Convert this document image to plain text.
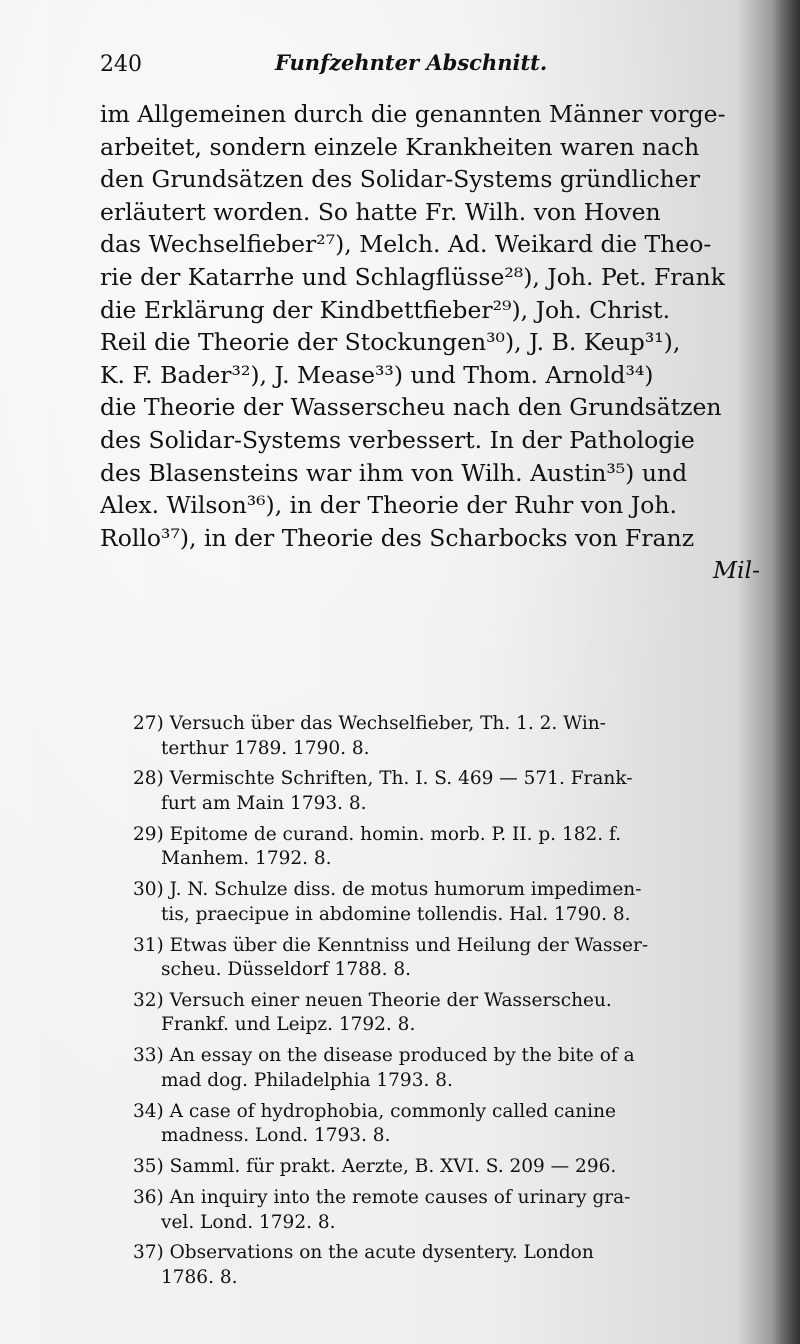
240	Funfzehnter Abschnitt.
im Allgemeinen durch die genannten Männer vorge-
arbeitet, sondern einzele Krankheiten waren nach
den Grundsätzen des Solidar-Systems gründlicher
erläutert worden. So hatte Fr. Wilh. von Hoven
das Wechselfieber²⁷), Melch. Ad. Weikard die Theo-
rie der Katarrhe und Schlagflüsse²⁸), Joh. Pet. Frank
die Erklärung der Kindbettfieber²⁹), Joh. Christ.
Reil die Theorie der Stockungen³⁰), J. B. Keup³¹),
K. F. Bader³²), J. Mease³³) und Thom. Arnold³⁴)
die Theorie der Wasserscheu nach den Grundsätzen
des Solidar-Systems verbessert. In der Pathologie
des Blasensteins war ihm von Wilh. Austin³⁵) und
Alex. Wilson³⁶), in der Theorie der Ruhr von Joh.
Rollo³⁷), in der Theorie des Scharbocks von Franz
Mil-
27) Versuch über das Wechselfieber, Th. 1. 2. Win-
terthur 1789. 1790. 8.
28) Vermischte Schriften, Th. I. S. 469 — 571. Frank-
furt am Main 1793. 8.
29) Epitome de curand. homin. morb. P. II. p. 182. f.
Manhem. 1792. 8.
30) J. N. Schulze diss. de motus humorum impedimen-
tis, praecipue in abdomine tollendis. Hal. 1790. 8.
31) Etwas über die Kenntniss und Heilung der Wasser-
scheu. Düsseldorf 1788. 8.
32) Versuch einer neuen Theorie der Wasserscheu.
Frankf. und Leipz. 1792. 8.
33) An essay on the disease produced by the bite of a
mad dog. Philadelphia 1793. 8.
34) A case of hydrophobia, commonly called canine
madness. Lond. 1793. 8.
35) Samml. für prakt. Aerzte, B. XVI. S. 209 — 296.
36) An inquiry into the remote causes of urinary gra-
vel. Lond. 1792. 8.
37) Observations on the acute dysentery. London
1786. 8.
